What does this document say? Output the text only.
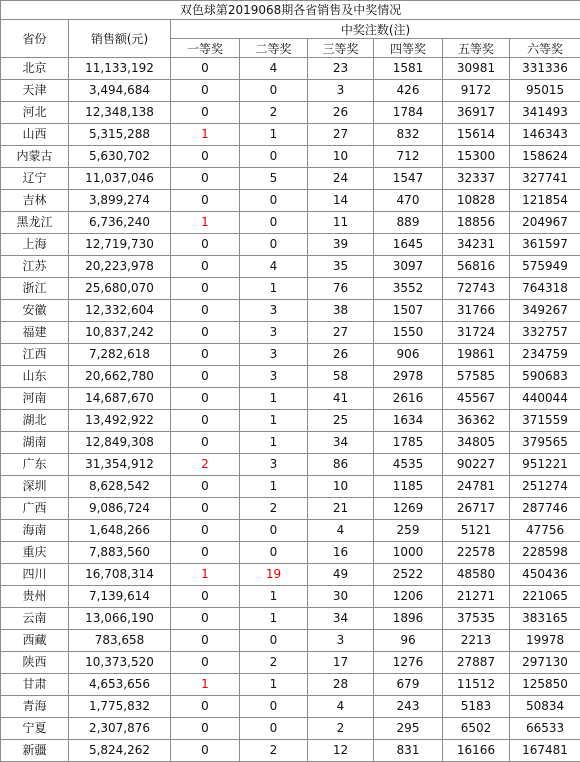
双色球第2019068期各省销售及中奖情况							
省份	销售额(元)	中奖注数(注)					
		一等奖	二等奖	三等奖	四等奖	五等奖	六等奖
北京	11,133,192	0	4	23	1581	30981	331336
天津	3,494,684	0	0	3	426	9172	95015
河北	12,348,138	0	2	26	1784	36917	341493
山西	5,315,288	1	1	27	832	15614	146343
内蒙古	5,630,702	0	0	10	712	15300	158624
辽宁	11,037,046	0	5	24	1547	32337	327741
吉林	3,899,274	0	0	14	470	10828	121854
黑龙江	6,736,240	1	0	11	889	18856	204967
上海	12,719,730	0	0	39	1645	34231	361597
江苏	20,223,978	0	4	35	3097	56816	575949
浙江	25,680,070	0	1	76	3552	72743	764318
安徽	12,332,604	0	3	38	1507	31766	349267
福建	10,837,242	0	3	27	1550	31724	332757
江西	7,282,618	0	3	26	906	19861	234759
山东	20,662,780	0	3	58	2978	57585	590683
河南	14,687,670	0	1	41	2616	45567	440044
湖北	13,492,922	0	1	25	1634	36362	371559
湖南	12,849,308	0	1	34	1785	34805	379565
广东	31,354,912	2	3	86	4535	90227	951221
深圳	8,628,542	0	1	10	1185	24781	251274
广西	9,086,724	0	2	21	1269	26717	287746
海南	1,648,266	0	0	4	259	5121	47756
重庆	7,883,560	0	0	16	1000	22578	228598
四川	16,708,314	1	19	49	2522	48580	450436
贵州	7,139,614	0	1	30	1206	21271	221065
云南	13,066,190	0	1	34	1896	37535	383165
西藏	783,658	0	0	3	96	2213	19978
陕西	10,373,520	0	2	17	1276	27887	297130
甘肃	4,653,656	1	1	28	679	11512	125850
青海	1,775,832	0	0	4	243	5183	50834
宁夏	2,307,876	0	0	2	295	6502	66533
新疆	5,824,262	0	2	12	831	16166	167481
